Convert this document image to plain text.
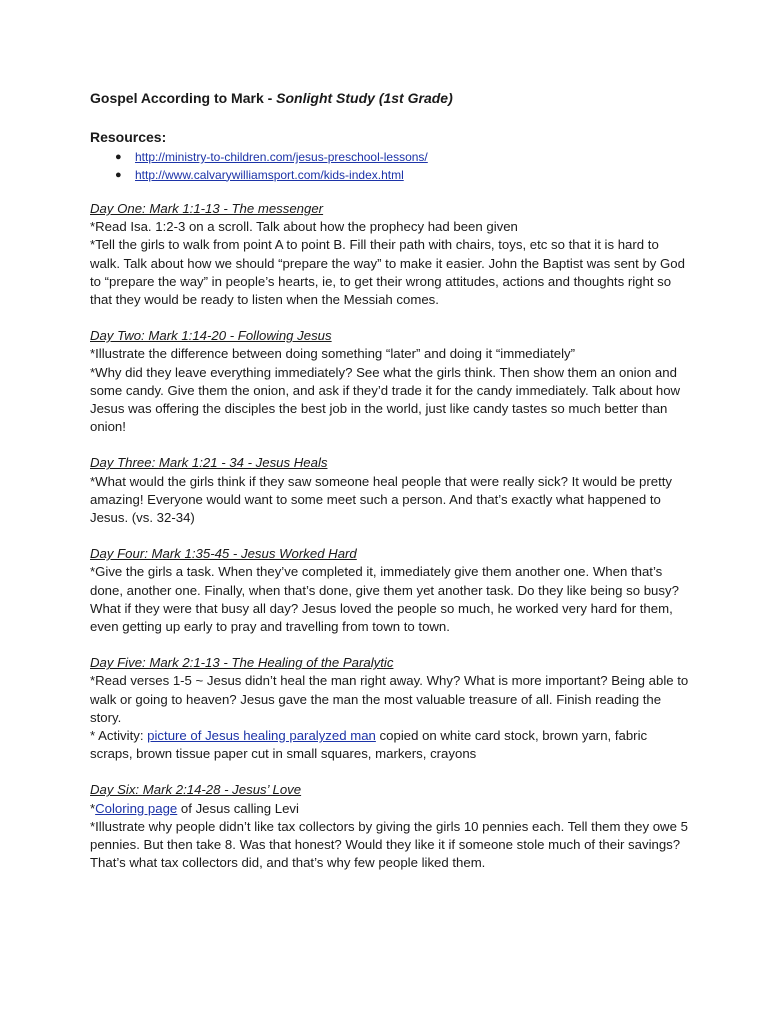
Gospel According to Mark - Sonlight Study (1st Grade)
Resources:
● http://ministry-to-children.com/jesus-preschool-lessons/
● http://www.calvarywilliamsport.com/kids-index.html
Day One: Mark 1:1-13 - The messenger

*Read Isa. 1:2-3 on a scroll. Talk about how the prophecy had been given

*Tell the girls to walk from point A to point B. Fill their path with chairs, toys, etc so that it is hard to walk. Talk about how we should “prepare the way” to make it easier. John the Baptist was sent by God to “prepare the way” in people’s hearts, ie, to get their wrong attitudes, actions and thoughts right so that they would be ready to listen when the Messiah comes.

Day Two: Mark 1:14-20 - Following Jesus

*Illustrate the difference between doing something “later” and doing it “immediately”

*Why did they leave everything immediately? See what the girls think. Then show them an onion and some candy. Give them the onion, and ask if they’d trade it for the candy immediately. Talk about how Jesus was offering the disciples the best job in the world, just like candy tastes so much better than onion!

Day Three: Mark 1:21 - 34 - Jesus Heals

*What would the girls think if they saw someone heal people that were really sick? It would be pretty amazing! Everyone would want to some meet such a person. And that’s exactly what happened to Jesus. (vs. 32-34)

Day Four: Mark 1:35-45 - Jesus Worked Hard

*Give the girls a task. When they’ve completed it, immediately give them another one. When that’s done, another one. Finally, when that’s done, give them yet another task. Do they like being so busy? What if they were that busy all day? Jesus loved the people so much, he worked very hard for them, even getting up early to pray and travelling from town to town.

Day Five: Mark 2:1-13 - The Healing of the Paralytic

*Read verses 1-5 ~ Jesus didn’t heal the man right away. Why? What is more important? Being able to walk or going to heaven? Jesus gave the man the most valuable treasure of all. Finish reading the story.

* Activity: picture of Jesus healing paralyzed man copied on white card stock, brown yarn, fabric scraps, brown tissue paper cut in small squares, markers, crayons

Day Six: Mark 2:14-28 - Jesus’ Love

*Coloring page of Jesus calling Levi

*Illustrate why people didn’t like tax collectors by giving the girls 10 pennies each. Tell them they owe 5 pennies. But then take 8. Was that honest? Would they like it if someone stole much of their savings? That’s what tax collectors did, and that’s why few people liked them.
